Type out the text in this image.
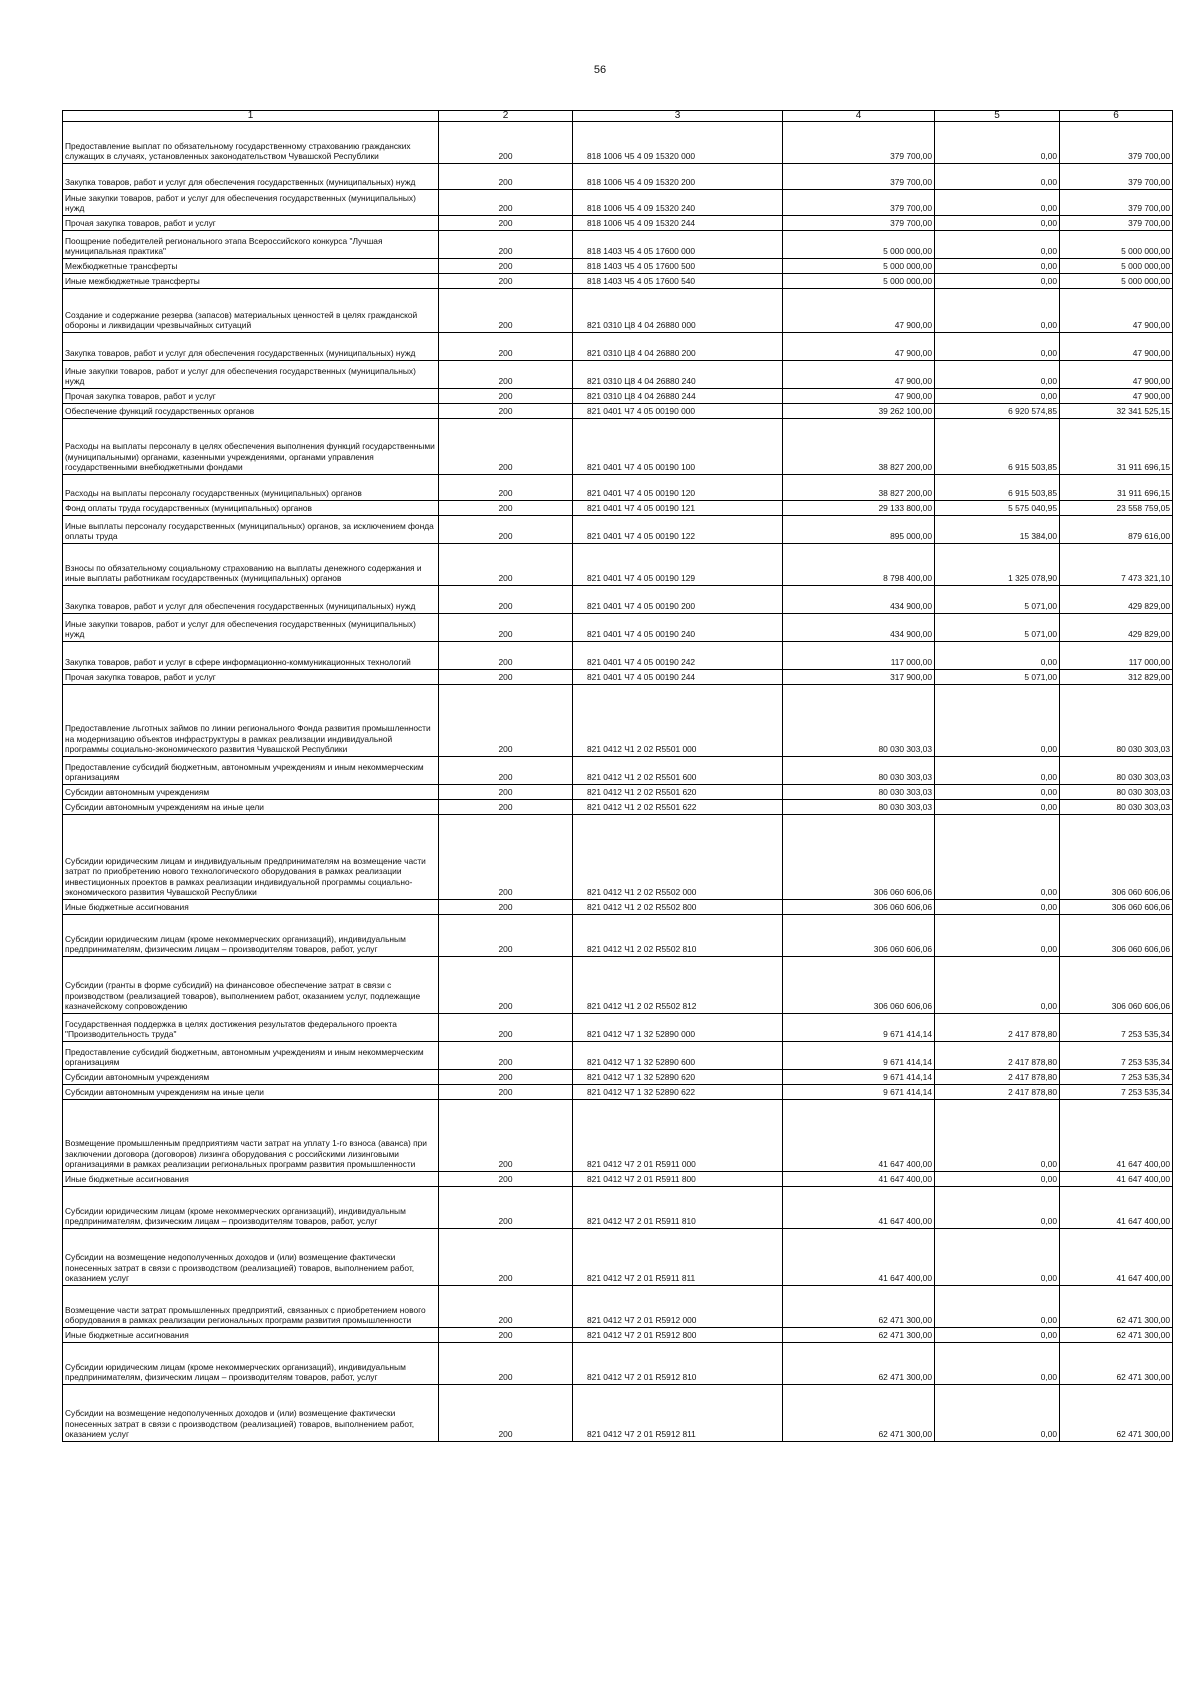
56
1	2	3	4	5	6
Предоставление выплат по обязательному государственному страхованию гражданских служащих в случаях, установленных законодательством Чувашской Республики	200	818 1006 Ч5 4 09 15320 000	379 700,00	0,00	379 700,00
Закупка товаров, работ и услуг для обеспечения государственных (муниципальных) нужд	200	818 1006 Ч5 4 09 15320 200	379 700,00	0,00	379 700,00
Иные закупки товаров, работ и услуг для обеспечения государственных (муниципальных) нужд	200	818 1006 Ч5 4 09 15320 240	379 700,00	0,00	379 700,00
Прочая закупка товаров, работ и услуг	200	818 1006 Ч5 4 09 15320 244	379 700,00	0,00	379 700,00
Поощрение победителей регионального этапа Всероссийского конкурса "Лучшая муниципальная практика"	200	818 1403 Ч5 4 05 17600 000	5 000 000,00	0,00	5 000 000,00
Межбюджетные трансферты	200	818 1403 Ч5 4 05 17600 500	5 000 000,00	0,00	5 000 000,00
Иные межбюджетные трансферты	200	818 1403 Ч5 4 05 17600 540	5 000 000,00	0,00	5 000 000,00
Создание и содержание резерва (запасов) материальных ценностей в целях гражданской обороны и ликвидации чрезвычайных ситуаций	200	821 0310 Ц8 4 04 26880 000	47 900,00	0,00	47 900,00
Закупка товаров, работ и услуг для обеспечения государственных (муниципальных) нужд	200	821 0310 Ц8 4 04 26880 200	47 900,00	0,00	47 900,00
Иные закупки товаров, работ и услуг для обеспечения государственных (муниципальных) нужд	200	821 0310 Ц8 4 04 26880 240	47 900,00	0,00	47 900,00
Прочая закупка товаров, работ и услуг	200	821 0310 Ц8 4 04 26880 244	47 900,00	0,00	47 900,00
Обеспечение функций государственных органов	200	821 0401 Ч7 4 05 00190 000	39 262 100,00	6 920 574,85	32 341 525,15
Расходы на выплаты персоналу в целях обеспечения выполнения функций государственными (муниципальными) органами, казенными учреждениями, органами управления государственными внебюджетными фондами	200	821 0401 Ч7 4 05 00190 100	38 827 200,00	6 915 503,85	31 911 696,15
Расходы на выплаты персоналу государственных (муниципальных) органов	200	821 0401 Ч7 4 05 00190 120	38 827 200,00	6 915 503,85	31 911 696,15
Фонд оплаты труда государственных (муниципальных) органов	200	821 0401 Ч7 4 05 00190 121	29 133 800,00	5 575 040,95	23 558 759,05
Иные выплаты персоналу государственных (муниципальных) органов, за исключением фонда оплаты труда	200	821 0401 Ч7 4 05 00190 122	895 000,00	15 384,00	879 616,00
Взносы по обязательному социальному страхованию на выплаты денежного содержания и иные выплаты работникам государственных (муниципальных) органов	200	821 0401 Ч7 4 05 00190 129	8 798 400,00	1 325 078,90	7 473 321,10
Закупка товаров, работ и услуг для обеспечения государственных (муниципальных) нужд	200	821 0401 Ч7 4 05 00190 200	434 900,00	5 071,00	429 829,00
Иные закупки товаров, работ и услуг для обеспечения государственных (муниципальных) нужд	200	821 0401 Ч7 4 05 00190 240	434 900,00	5 071,00	429 829,00
Закупка товаров, работ и услуг в сфере информационно-коммуникационных технологий	200	821 0401 Ч7 4 05 00190 242	117 000,00	0,00	117 000,00
Прочая закупка товаров, работ и услуг	200	821 0401 Ч7 4 05 00190 244	317 900,00	5 071,00	312 829,00
Предоставление льготных займов по линии регионального Фонда развития промышленности на модернизацию объектов инфраструктуры в рамках реализации индивидуальной программы социально-экономического развития Чувашской Республики	200	821 0412 Ч1 2 02 R5501 000	80 030 303,03	0,00	80 030 303,03
Предоставление субсидий бюджетным, автономным учреждениям и иным некоммерческим организациям	200	821 0412 Ч1 2 02 R5501 600	80 030 303,03	0,00	80 030 303,03
Субсидии автономным учреждениям	200	821 0412 Ч1 2 02 R5501 620	80 030 303,03	0,00	80 030 303,03
Субсидии автономным учреждениям на иные цели	200	821 0412 Ч1 2 02 R5501 622	80 030 303,03	0,00	80 030 303,03
Субсидии юридическим лицам и индивидуальным предпринимателям на возмещение части затрат по приобретению нового технологического оборудования в рамках реализации инвестиционных проектов в рамках реализации индивидуальной программы социально-экономического развития Чувашской Республики	200	821 0412 Ч1 2 02 R5502 000	306 060 606,06	0,00	306 060 606,06
Иные бюджетные ассигнования	200	821 0412 Ч1 2 02 R5502 800	306 060 606,06	0,00	306 060 606,06
Субсидии юридическим лицам (кроме некоммерческих организаций), индивидуальным предпринимателям, физическим лицам – производителям товаров, работ, услуг	200	821 0412 Ч1 2 02 R5502 810	306 060 606,06	0,00	306 060 606,06
Субсидии (гранты в форме субсидий) на финансовое обеспечение затрат в связи с производством (реализацией товаров), выполнением работ, оказанием услуг, подлежащие казначейскому сопровождению	200	821 0412 Ч1 2 02 R5502 812	306 060 606,06	0,00	306 060 606,06
Государственная поддержка в целях достижения результатов федерального проекта "Производительность труда"	200	821 0412 Ч7 1 32 52890 000	9 671 414,14	2 417 878,80	7 253 535,34
Предоставление субсидий бюджетным, автономным учреждениям и иным некоммерческим организациям	200	821 0412 Ч7 1 32 52890 600	9 671 414,14	2 417 878,80	7 253 535,34
Субсидии автономным учреждениям	200	821 0412 Ч7 1 32 52890 620	9 671 414,14	2 417 878,80	7 253 535,34
Субсидии автономным учреждениям на иные цели	200	821 0412 Ч7 1 32 52890 622	9 671 414,14	2 417 878,80	7 253 535,34
Возмещение промышленным предприятиям части затрат на уплату 1-го взноса (аванса) при заключении договора (договоров) лизинга оборудования с российскими лизинговыми организациями в рамках реализации региональных программ развития промышленности	200	821 0412 Ч7 2 01 R5911 000	41 647 400,00	0,00	41 647 400,00
Иные бюджетные ассигнования	200	821 0412 Ч7 2 01 R5911 800	41 647 400,00	0,00	41 647 400,00
Субсидии юридическим лицам (кроме некоммерческих организаций), индивидуальным предпринимателям, физическим лицам – производителям товаров, работ, услуг	200	821 0412 Ч7 2 01 R5911 810	41 647 400,00	0,00	41 647 400,00
Субсидии на возмещение недополученных доходов и (или) возмещение фактически понесенных затрат в связи с производством (реализацией) товаров, выполнением работ, оказанием услуг	200	821 0412 Ч7 2 01 R5911 811	41 647 400,00	0,00	41 647 400,00
Возмещение части затрат промышленных предприятий, связанных с приобретением нового оборудования в рамках реализации региональных программ развития промышленности	200	821 0412 Ч7 2 01 R5912 000	62 471 300,00	0,00	62 471 300,00
Иные бюджетные ассигнования	200	821 0412 Ч7 2 01 R5912 800	62 471 300,00	0,00	62 471 300,00
Субсидии юридическим лицам (кроме некоммерческих организаций), индивидуальным предпринимателям, физическим лицам – производителям товаров, работ, услуг	200	821 0412 Ч7 2 01 R5912 810	62 471 300,00	0,00	62 471 300,00
Субсидии на возмещение недополученных доходов и (или) возмещение фактически понесенных затрат в связи с производством (реализацией) товаров, выполнением работ, оказанием услуг	200	821 0412 Ч7 2 01 R5912 811	62 471 300,00	0,00	62 471 300,00
